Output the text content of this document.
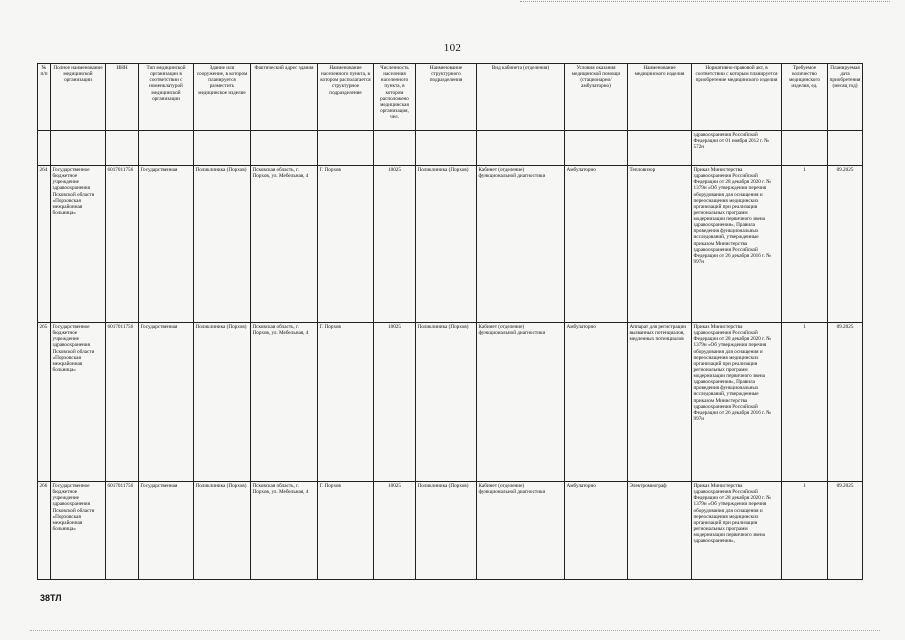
102
№ п/п	Полное наименование медицинской организации	ИНН	Тип медицинской организации в соответствии с номенклатурой медицинской организации	Здание или сооружение, в котором планируется разместить медицинское изделие	Фактический адрес здания	Наименование населенного пункта, в котором располагается структурное подразделение	Численность населения населенного пункта, в котором расположено медицинская организация, чел.	Наименование структурного подразделения	Вид кабинета (отделения)	Условия оказания медицинской помощи (стационарно/ амбулаторно)	Наименование медицинского изделия	Нормативно-правовой акт, в соответствии с которым планируется приобретение медицинского изделия	Требуемое количество медицинского изделия, ед.	Планируемая дата приобретения (месяц год)
												здравоохранения Российской Федерации от 01 ноября 2012 г. № 572н		
264	Государственное бюджетное учреждение здравоохранения Псковской области «Порховская межрайонная больница»	6017011756	Государственная	Поликлиника (Порхов)	Псковская область, г. Порхов, ул. Мебельная, 4	Г. Порхов	10025	Поликлиника (Порхов)	Кабинет (отделение) функциональной диагностики	Амбулаторно	Тепловизор	Приказ Министерства здравоохранения Российской Федерации от 28 декабря 2020 г. № 1379н «Об утверждении перечня оборудования для оснащения и переоснащения медицинских организаций при реализации региональных программ модернизации первичного звена здравоохранения», Правила проведения функциональных исследований, утвержденные приказом Министерства здравоохранения Российской Федерации от 26 декабря 2016 г. № 997н	1	09.2025
265	Государственное бюджетное учреждение здравоохранения Псковской области «Порховская межрайонная больница»	6017011756	Государственная	Поликлиника (Порхов)	Псковская область, г. Порхов, ул. Мебельная, 4	Г. Порхов	10025	Поликлиника (Порхов)	Кабинет (отделение) функциональной диагностики	Амбулаторно	Аппарат для регистрации вызванных потенциалов, медленных потенциалов	Приказ Министерства здравоохранения Российской Федерации от 28 декабря 2020 г. № 1379н «Об утверждении перечня оборудования для оснащения и переоснащения медицинских организаций при реализации региональных программ модернизации первичного звена здравоохранения», Правила проведения функциональных исследований, утвержденные приказом Министерства здравоохранения Российской Федерации от 26 декабря 2016 г. № 997н	1	09.2025
266	Государственное бюджетное учреждение здравоохранения Псковской области «Порховская межрайонная больница»	6017011756	Государственная	Поликлиника (Порхов)	Псковская область, г. Порхов, ул. Мебельная, 4	Г. Порхов	10025	Поликлиника (Порхов)	Кабинет (отделение) функциональной диагностики	Амбулаторно	Электромиограф	Приказ Министерства здравоохранения Российской Федерации от 28 декабря 2020 г. № 1379н «Об утверждении перечня оборудования для оснащения и переоснащения медицинских организаций при реализации региональных программ модернизации первичного звена здравоохранения»,	1	09.2025
38ТЛ
